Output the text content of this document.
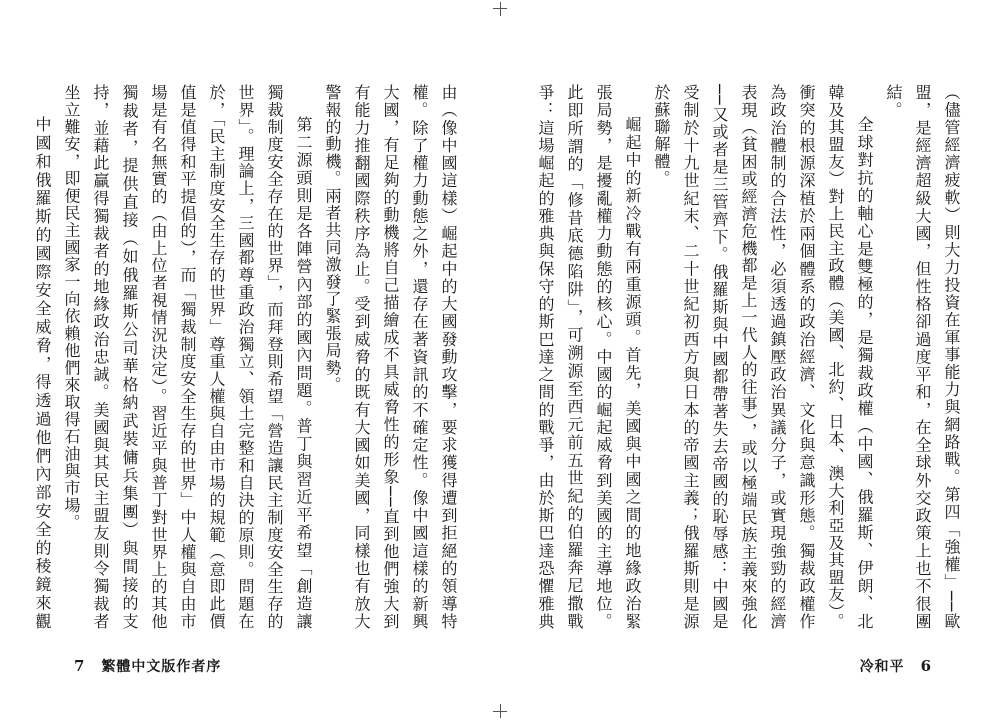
由（像中國這樣）崛起中的大國發動攻擊，要求獲得遭到拒絕的領導特權。除了權力動態之外，還存在著資訊的不確定性。像中國這樣的新興大國，有足夠的動機將自己描繪成不具威脅性的形象──直到他們強大到有能力推翻國際秩序為止。受到威脅的既有大國如美國，同樣也有放大警報的動機。兩者共同激發了緊張局勢。

第二源頭則是各陣營內部的國內問題。普丁與習近平希望「創造讓獨裁制度安全存在的世界」，而拜登則希望「營造讓民主制度安全生存的世界」。理論上，三國都尊重政治獨立、領土完整和自決的原則。問題在於，「民主制度安全生存的世界」尊重人權與自由市場的規範（意即此價值是值得和平提倡的），而「獨裁制度安全生存的世界」中人權與自由市場是有名無實的（由上位者視情況決定）。習近平與普丁對世界上的其他獨裁者，提供直接（如俄羅斯公司華格納武裝傭兵集團）與間接的支持，並藉此贏得獨裁者的地緣政治忠誠。美國與其民主盟友則令獨裁者坐立難安，即便民主國家一向依賴他們來取得石油與市場。

中國和俄羅斯的國際安全威脅，得透過他們內部安全的稜鏡來觀

7 繁體中文版作者序

（儘管經濟疲軟）則大力投資在軍事能力與網路戰。第四「強權」──歐盟，是經濟超級大國，但性格卻過度平和，在全球外交政策上也不很團結。

全球對抗的軸心是雙極的，是獨裁政權（中國、俄羅斯、伊朗、北韓及其盟友）對上民主政體（美國、北約、日本、澳大利亞及其盟友）。衝突的根源深植於兩個體系的政治經濟、文化與意識形態。獨裁政權作為政治體制的合法性，必須透過鎮壓政治異議分子，或實現強勁的經濟表現（貧困或經濟危機都是上一代人的往事），或以極端民族主義來強化──又或者是三管齊下。俄羅斯與中國都帶著失去帝國的恥辱感：中國是受制於十九世紀末、二十世紀初西方與日本的帝國主義；俄羅斯則是源於蘇聯解體。

崛起中的新冷戰有兩重源頭。首先，美國與中國之間的地緣政治緊張局勢，是擾亂權力動態的核心。中國的崛起威脅到美國的主導地位。此即所謂的「修昔底德陷阱」，可溯源至西元前五世紀的伯羅奔尼撒戰爭：這場崛起的雅典與保守的斯巴達之間的戰爭，由於斯巴達恐懼雅典

冷和平 6
